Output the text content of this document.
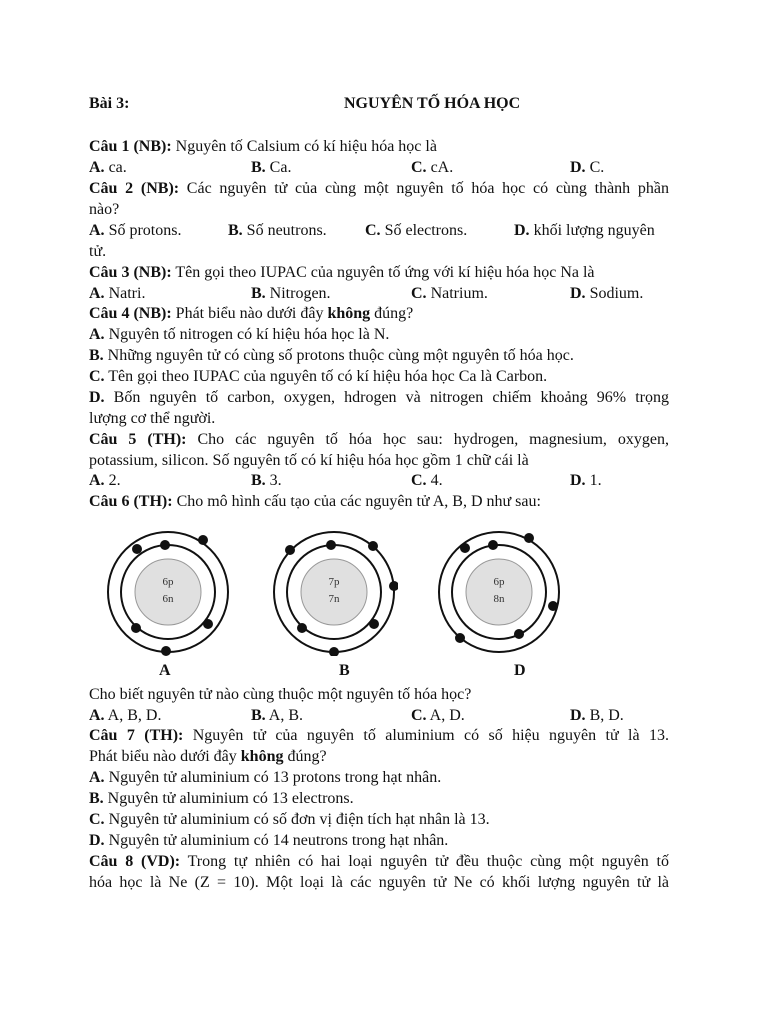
Bài 3:	NGUYÊN TỐ HÓA HỌC
Câu 1 (NB): Nguyên tố Calsium có kí hiệu hóa học là
A. ca.	B. Ca.	C. cA.	D. C.
Câu 2 (NB): Các nguyên tử của cùng một nguyên tố hóa học có cùng thành phần
nào?
A. Số protons.	B. Số neutrons. C. Số electrons.	D. khối lượng nguyên
tử.
Câu 3 (NB): Tên gọi theo IUPAC của nguyên tố ứng với kí hiệu hóa học Na là
A. Natri.	B. Nitrogen.	C. Natrium.	D. Sodium.
Câu 4 (NB): Phát biểu nào dưới đây không đúng?
A. Nguyên tố nitrogen có kí hiệu hóa học là N.
B. Những nguyên tử có cùng số protons thuộc cùng một nguyên tố hóa học.
C. Tên gọi theo IUPAC của nguyên tố có kí hiệu hóa học Ca là Carbon.
D. Bốn nguyên tố carbon, oxygen, hdrogen và nitrogen chiếm khoảng 96% trọng
lượng cơ thể người.
Câu 5 (TH): Cho các nguyên tố hóa học sau: hydrogen, magnesium, oxygen,
potassium, silicon. Số nguyên tố có kí hiệu hóa học gồm 1 chữ cái là
A. 2.	B. 3.	C. 4.	D. 1.
Câu 6 (TH): Cho mô hình cấu tạo của các nguyên tử A, B, D như sau:
6p
6n
7p
7n
6p
8n
A	B	D
Cho biết nguyên tử nào cùng thuộc một nguyên tố hóa học?
A. A, B, D.	B. A, B.	C. A, D.	D. B, D.
Câu 7 (TH): Nguyên tử của nguyên tố aluminium có số hiệu nguyên tử là 13.
Phát biểu nào dưới đây không đúng?
A. Nguyên tử aluminium có 13 protons trong hạt nhân.
B. Nguyên tử aluminium có 13 electrons.
C. Nguyên tử aluminium có số đơn vị điện tích hạt nhân là 13.
D. Nguyên tử aluminium có 14 neutrons trong hạt nhân.
Câu 8 (VD): Trong tự nhiên có hai loại nguyên tử đều thuộc cùng một nguyên tố
hóa học là Ne (Z = 10). Một loại là các nguyên tử Ne có khối lượng nguyên tử là
